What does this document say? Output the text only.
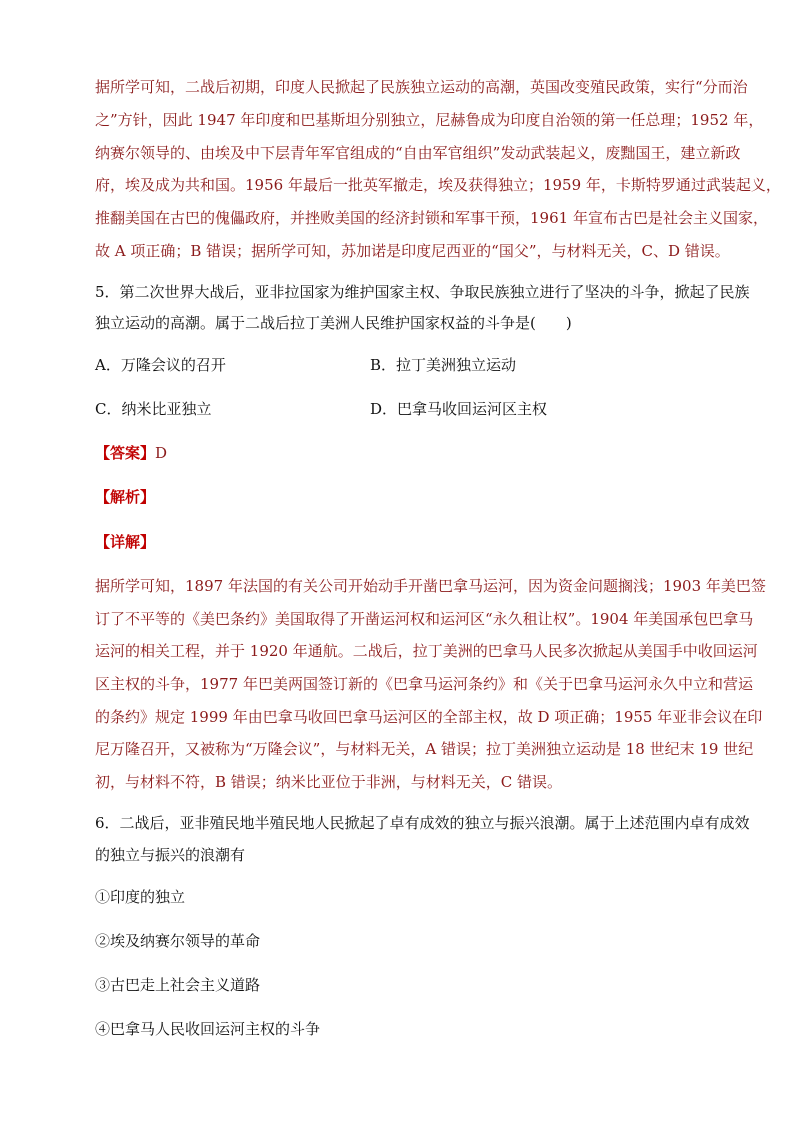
据所学可知，二战后初期，印度人民掀起了民族独立运动的高潮，英国改变殖民政策，实行“分而治
之”方针，因此 1947 年印度和巴基斯坦分别独立，尼赫鲁成为印度自治领的第一任总理；1952 年，
纳赛尔领导的、由埃及中下层青年军官组成的“自由军官组织”发动武装起义，废黜国王，建立新政
府，埃及成为共和国。1956 年最后一批英军撤走，埃及获得独立；1959 年，卡斯特罗通过武装起义，
推翻美国在古巴的傀儡政府，并挫败美国的经济封锁和军事干预，1961 年宣布古巴是社会主义国家，
故 A 项正确；B 错误；据所学可知，苏加诺是印度尼西亚的“国父”，与材料无关，C、D 错误。
5．第二次世界大战后，亚非拉国家为维护国家主权、争取民族独立进行了坚决的斗争，掀起了民族
独立运动的高潮。属于二战后拉丁美洲人民维护国家权益的斗争是(　　)
A．万隆会议的召开	B．拉丁美洲独立运动
C．纳米比亚独立	D．巴拿马收回运河区主权
【答案】D
【解析】
【详解】
据所学可知，1897 年法国的有关公司开始动手开凿巴拿马运河，因为资金问题搁浅；1903 年美巴签
订了不平等的《美巴条约》美国取得了开凿运河权和运河区“永久租让权”。1904 年美国承包巴拿马
运河的相关工程，并于 1920 年通航。二战后，拉丁美洲的巴拿马人民多次掀起从美国手中收回运河
区主权的斗争，1977 年巴美两国签订新的《巴拿马运河条约》和《关于巴拿马运河永久中立和营运
的条约》规定 1999 年由巴拿马收回巴拿马运河区的全部主权，故 D 项正确；1955 年亚非会议在印
尼万隆召开，又被称为“万隆会议”，与材料无关，A 错误；拉丁美洲独立运动是 18 世纪末 19 世纪
初，与材料不符，B 错误；纳米比亚位于非洲，与材料无关，C 错误。
6．二战后，亚非殖民地半殖民地人民掀起了卓有成效的独立与振兴浪潮。属于上述范围内卓有成效
的独立与振兴的浪潮有
①印度的独立
②埃及纳赛尔领导的革命
③古巴走上社会主义道路
④巴拿马人民收回运河主权的斗争
